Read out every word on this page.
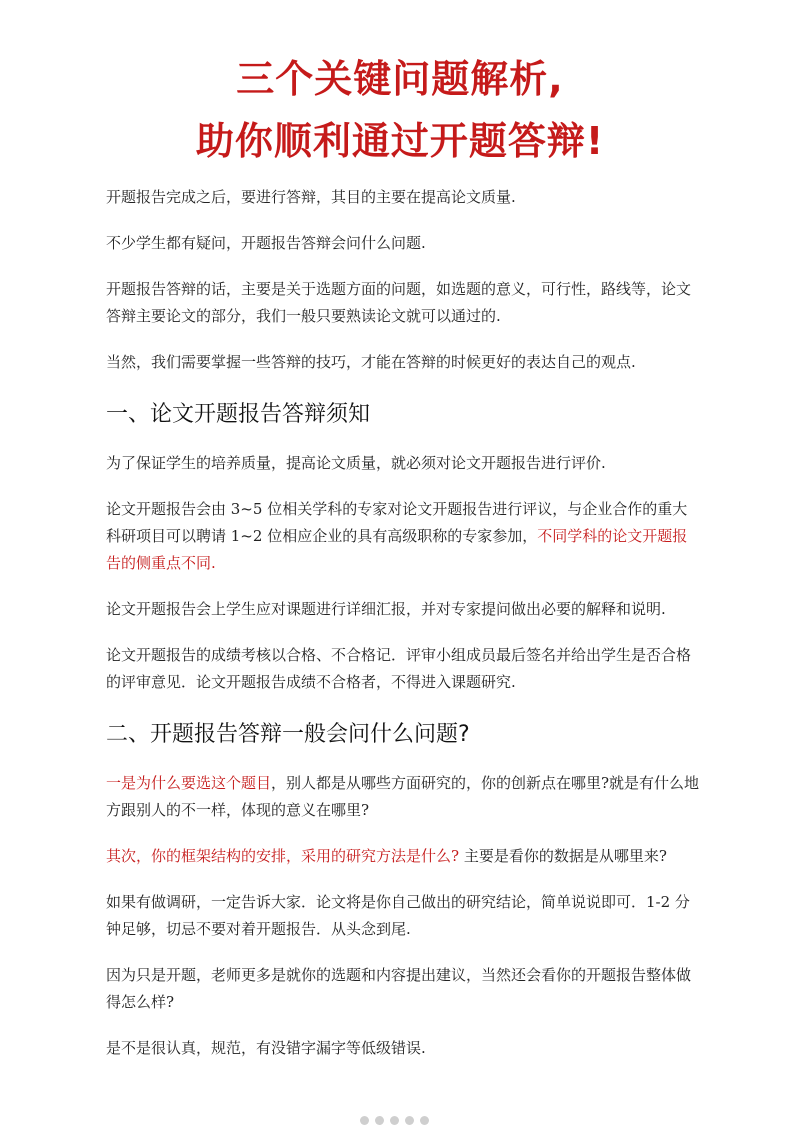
三个关键问题解析,
助你顺利通过开题答辩!

开题报告完成之后，要进行答辩，其目的主要在提高论文质量.

不少学生都有疑问，开题报告答辩会问什么问题.

开题报告答辩的话，主要是关于选题方面的问题，如选题的意义，可行性，路线等，论文答辩主要论文的部分，我们一般只要熟读论文就可以通过的.

当然，我们需要掌握一些答辩的技巧，才能在答辩的时候更好的表达自己的观点.

一、论文开题报告答辩须知

为了保证学生的培养质量，提高论文质量，就必须对论文开题报告进行评价.

论文开题报告会由 3~5 位相关学科的专家对论文开题报告进行评议，与企业合作的重大科研项目可以聘请 1~2 位相应企业的具有高级职称的专家参加，不同学科的论文开题报告的侧重点不同.

论文开题报告会上学生应对课题进行详细汇报，并对专家提问做出必要的解释和说明.

论文开题报告的成绩考核以合格、不合格记．评审小组成员最后签名并给出学生是否合格的评审意见．论文开题报告成绩不合格者，不得进入课题研究.

二、开题报告答辩一般会问什么问题?

一是为什么要选这个题目，别人都是从哪些方面研究的，你的创新点在哪里?就是有什么地方跟别人的不一样，体现的意义在哪里?

其次，你的框架结构的安排，采用的研究方法是什么? 主要是看你的数据是从哪里来?

如果有做调研，一定告诉大家．论文将是你自己做出的研究结论，简单说说即可．1-2 分钟足够，切忌不要对着开题报告．从头念到尾.

因为只是开题，老师更多是就你的选题和内容提出建议，当然还会看你的开题报告整体做得怎么样?

是不是很认真，规范，有没错字漏字等低级错误.
